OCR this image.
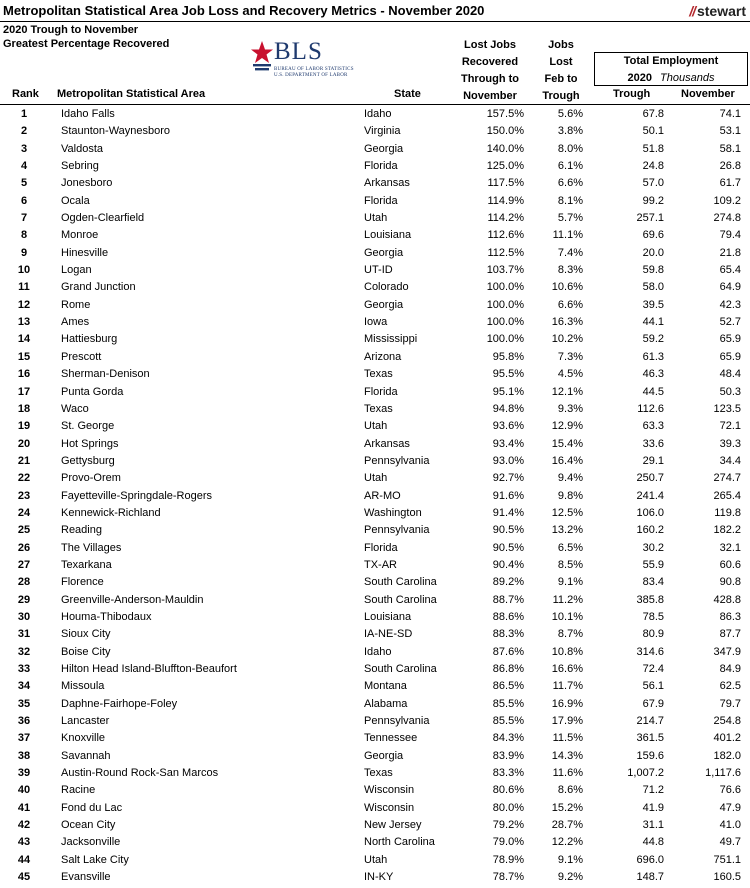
Metropolitan Statistical Area Job Loss and Recovery Metrics - November 2020	// stewart
2020 Trough to November
Greatest Percentage Recovered	BLS
BUREAU OF LABOR STATISTICS
U.S. DEPARTMENT OF LABOR
Lost Jobs
Recovered
Through to
November
Jobs
Lost
Feb to
Trough
Total Employment
2020 Thousands
Rank Metropolitan Statistical Area	State	Trough	November
1	Idaho Falls	Idaho	157.5%	5.6%	67.8	74.1
2	Staunton-Waynesboro	Virginia	150.0%	3.8%	50.1	53.1
3	Valdosta	Georgia	140.0%	8.0%	51.8	58.1
4	Sebring	Florida	125.0%	6.1%	24.8	26.8
5	Jonesboro	Arkansas	117.5%	6.6%	57.0	61.7
6	Ocala	Florida	114.9%	8.1%	99.2	109.2
7	Ogden-Clearfield	Utah	114.2%	5.7%	257.1	274.8
8	Monroe	Louisiana	112.6%	11.1%	69.6	79.4
9	Hinesville	Georgia	112.5%	7.4%	20.0	21.8
10	Logan	UT-ID	103.7%	8.3%	59.8	65.4
11	Grand Junction	Colorado	100.0%	10.6%	58.0	64.9
12	Rome	Georgia	100.0%	6.6%	39.5	42.3
13	Ames	Iowa	100.0%	16.3%	44.1	52.7
14	Hattiesburg	Mississippi	100.0%	10.2%	59.2	65.9
15	Prescott	Arizona	95.8%	7.3%	61.3	65.9
16	Sherman-Denison	Texas	95.5%	4.5%	46.3	48.4
17	Punta Gorda	Florida	95.1%	12.1%	44.5	50.3
18	Waco	Texas	94.8%	9.3%	112.6	123.5
19	St. George	Utah	93.6%	12.9%	63.3	72.1
20	Hot Springs	Arkansas	93.4%	15.4%	33.6	39.3
21	Gettysburg	Pennsylvania	93.0%	16.4%	29.1	34.4
22	Provo-Orem	Utah	92.7%	9.4%	250.7	274.7
23	Fayetteville-Springdale-Rogers	AR-MO	91.6%	9.8%	241.4	265.4
24	Kennewick-Richland	Washington	91.4%	12.5%	106.0	119.8
25	Reading	Pennsylvania	90.5%	13.2%	160.2	182.2
26	The Villages	Florida	90.5%	6.5%	30.2	32.1
27	Texarkana	TX-AR	90.4%	8.5%	55.9	60.6
28	Florence	South Carolina	89.2%	9.1%	83.4	90.8
29	Greenville-Anderson-Mauldin	South Carolina	88.7%	11.2%	385.8	428.8
30	Houma-Thibodaux	Louisiana	88.6%	10.1%	78.5	86.3
31	Sioux City	IA-NE-SD	88.3%	8.7%	80.9	87.7
32	Boise City	Idaho	87.6%	10.8%	314.6	347.9
33	Hilton Head Island-Bluffton-Beaufort	South Carolina	86.8%	16.6%	72.4	84.9
34	Missoula	Montana	86.5%	11.7%	56.1	62.5
35	Daphne-Fairhope-Foley	Alabama	85.5%	16.9%	67.9	79.7
36	Lancaster	Pennsylvania	85.5%	17.9%	214.7	254.8
37	Knoxville	Tennessee	84.3%	11.5%	361.5	401.2
38	Savannah	Georgia	83.9%	14.3%	159.6	182.0
39	Austin-Round Rock-San Marcos	Texas	83.3%	11.6%	1,007.2	1,117.6
40	Racine	Wisconsin	80.6%	8.6%	71.2	76.6
41	Fond du Lac	Wisconsin	80.0%	15.2%	41.9	47.9
42	Ocean City	New Jersey	79.2%	28.7%	31.1	41.0
43	Jacksonville	North Carolina	79.0%	12.2%	44.8	49.7
44	Salt Lake City	Utah	78.9%	9.1%	696.0	751.1
45	Evansville	IN-KY	78.7%	9.2%	148.7	160.5
